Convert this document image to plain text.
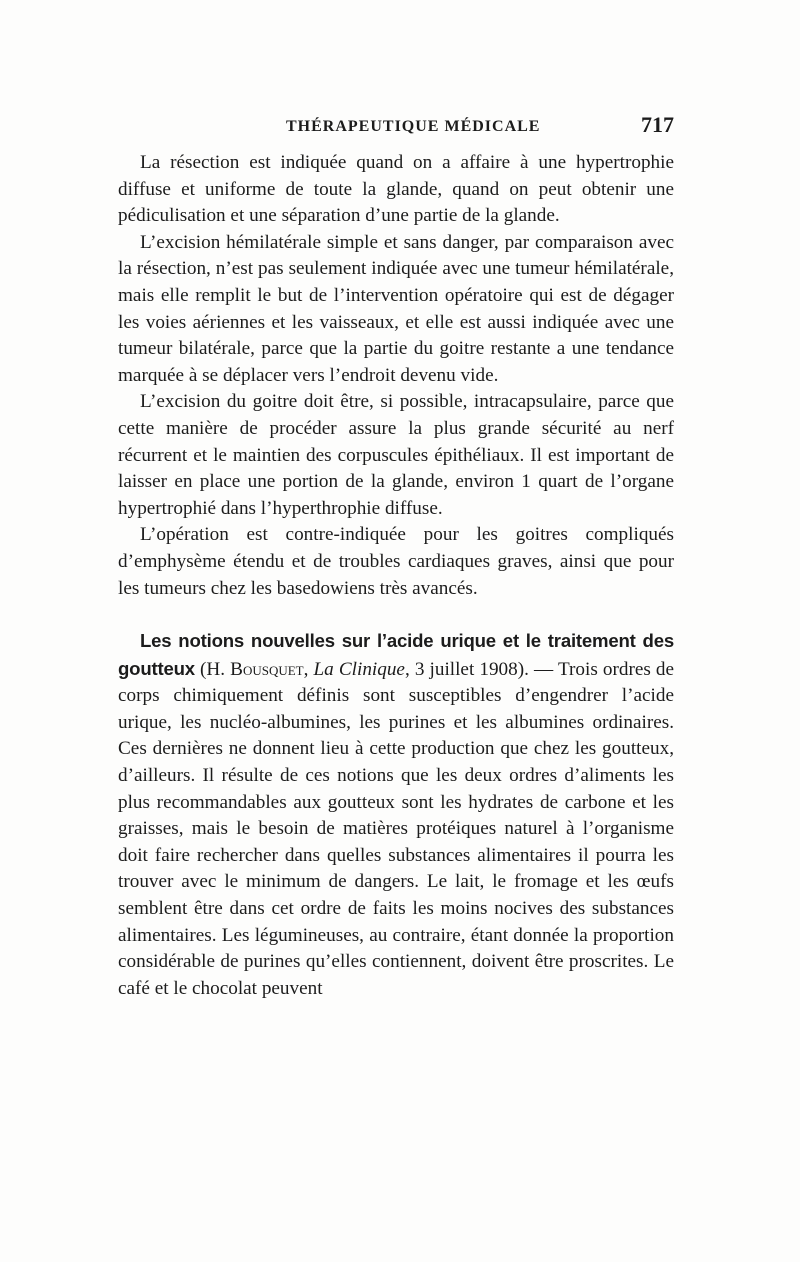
THÉRAPEUTIQUE MÉDICALE	717

La résection est indiquée quand on a affaire à une hypertrophie diffuse et uniforme de toute la glande, quand on peut obtenir une pédiculisation et une séparation d’une partie de la glande.

L’excision hémilatérale simple et sans danger, par comparaison avec la résection, n’est pas seulement indiquée avec une tumeur hémilatérale, mais elle remplit le but de l’intervention opératoire qui est de dégager les voies aériennes et les vaisseaux, et elle est aussi indiquée avec une tumeur bilatérale, parce que la partie du goitre restante a une tendance marquée à se déplacer vers l’endroit devenu vide.

L’excision du goitre doit être, si possible, intracapsulaire, parce que cette manière de procéder assure la plus grande sécurité au nerf récurrent et le maintien des corpuscules épithéliaux. Il est important de laisser en place une portion de la glande, environ 1 quart de l’organe hypertrophié dans l’hyperthrophie diffuse.

L’opération est contre-indiquée pour les goitres compliqués d’emphysème étendu et de troubles cardiaques graves, ainsi que pour les tumeurs chez les basedowiens très avancés.

Les notions nouvelles sur l’acide urique et le traitement des goutteux (H. Bousquet, La Clinique, 3 juillet 1908). — Trois ordres de corps chimiquement définis sont susceptibles d’engendrer l’acide urique, les nucléo-albumines, les purines et les albumines ordinaires. Ces dernières ne donnent lieu à cette production que chez les goutteux, d’ailleurs. Il résulte de ces notions que les deux ordres d’aliments les plus recommandables aux goutteux sont les hydrates de carbone et les graisses, mais le besoin de matières protéiques naturel à l’organisme doit faire rechercher dans quelles substances alimentaires il pourra les trouver avec le minimum de dangers. Le lait, le fromage et les œufs semblent être dans cet ordre de faits les moins nocives des substances alimentaires. Les légumineuses, au contraire, étant donnée la proportion considérable de purines qu’elles contiennent, doivent être proscrites. Le café et le chocolat peuvent
